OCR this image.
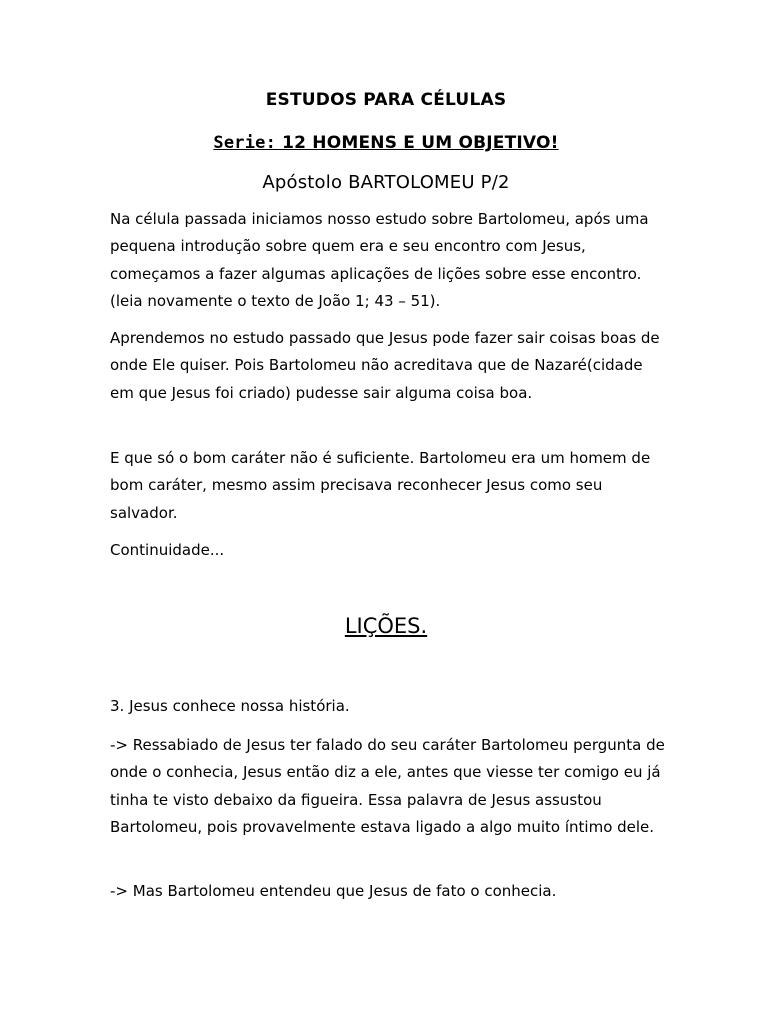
ESTUDOS PARA CÉLULAS
Serie: 12 HOMENS E UM OBJETIVO!
Apóstolo BARTOLOMEU P/2

Na célula passada iniciamos nosso estudo sobre Bartolomeu, após uma pequena introdução sobre quem era e seu encontro com Jesus, começamos a fazer algumas aplicações de lições sobre esse encontro. (leia novamente o texto de João 1; 43 – 51).

Aprendemos no estudo passado que Jesus pode fazer sair coisas boas de onde Ele quiser. Pois Bartolomeu não acreditava que de Nazaré(cidade em que Jesus foi criado) pudesse sair alguma coisa boa.

E que só o bom caráter não é suficiente. Bartolomeu era um homem de bom caráter, mesmo assim precisava reconhecer Jesus como seu salvador.

Continuidade...

LIÇÕES.

3. Jesus conhece nossa história.

-> Ressabiado de Jesus ter falado do seu caráter Bartolomeu pergunta de onde o conhecia, Jesus então diz a ele, antes que viesse ter comigo eu já tinha te visto debaixo da figueira. Essa palavra de Jesus assustou Bartolomeu, pois provavelmente estava ligado a algo muito íntimo dele.

-> Mas Bartolomeu entendeu que Jesus de fato o conhecia.
